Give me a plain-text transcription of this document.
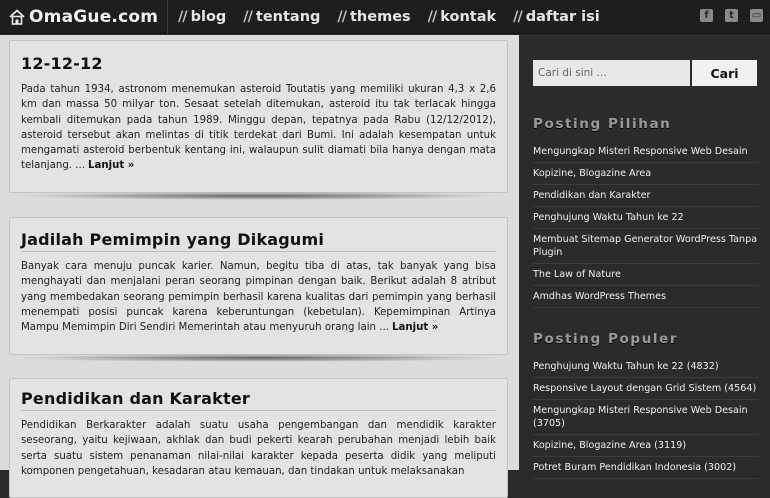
OmaGue.com // blog // tentang // themes // kontak // daftar isi	f	t	▭
12-12-12

Pada tahun 1934, astronom menemukan asteroid Toutatis yang memiliki ukuran 4,3 x 2,6 km dan massa 50 milyar ton. Sesaat setelah ditemukan, asteroid itu tak terlacak hingga kembali ditemukan pada tahun 1989. Minggu depan, tepatnya pada Rabu (12/12/2012), asteroid tersebut akan melintas di titik terdekat dari Bumi. Ini adalah kesempatan untuk mengamati asteroid berbentuk kentang ini, walaupun sulit diamati bila hanya dengan mata telanjang. ... Lanjut »

Jadilah Pemimpin yang Dikagumi

Banyak cara menuju puncak karier. Namun, begitu tiba di atas, tak banyak yang bisa menghayati dan menjalani peran seorang pimpinan dengan baik. Berikut adalah 8 atribut yang membedakan seorang pemimpin berhasil karena kualitas dari pemimpin yang berhasil menempati posisi puncak karena keberuntungan (kebetulan). Kepemimpinan Artinya Mampu Memimpin Diri Sendiri Memerintah atau menyuruh orang lain ... Lanjut »

Pendidikan dan Karakter

Pendidikan Berkarakter adalah suatu usaha pengembangan dan mendidik karakter seseorang, yaitu kejiwaan, akhlak dan budi pekerti kearah perubahan menjadi lebih baik serta suatu sistem penanaman nilai-nilai karakter kepada peserta didik yang meliputi komponen pengetahuan, kesadaran atau kemauan, dan tindakan untuk melaksanakan

Cari di sini ...
Cari
Posting Pilihan
Mengungkap Misteri Responsive Web Desain
Kopizine, Blogazine Area
Pendidikan dan Karakter
Penghujung Waktu Tahun ke 22
Membuat Sitemap Generator WordPress Tanpa Plugin
The Law of Nature
Amdhas WordPress Themes
Posting Populer
Penghujung Waktu Tahun ke 22 (4832)
Responsive Layout dengan Grid Sistem (4564)
Mengungkap Misteri Responsive Web Desain (3705)
Kopizine, Blogazine Area (3119)
Potret Buram Pendidikan Indonesia (3002)
